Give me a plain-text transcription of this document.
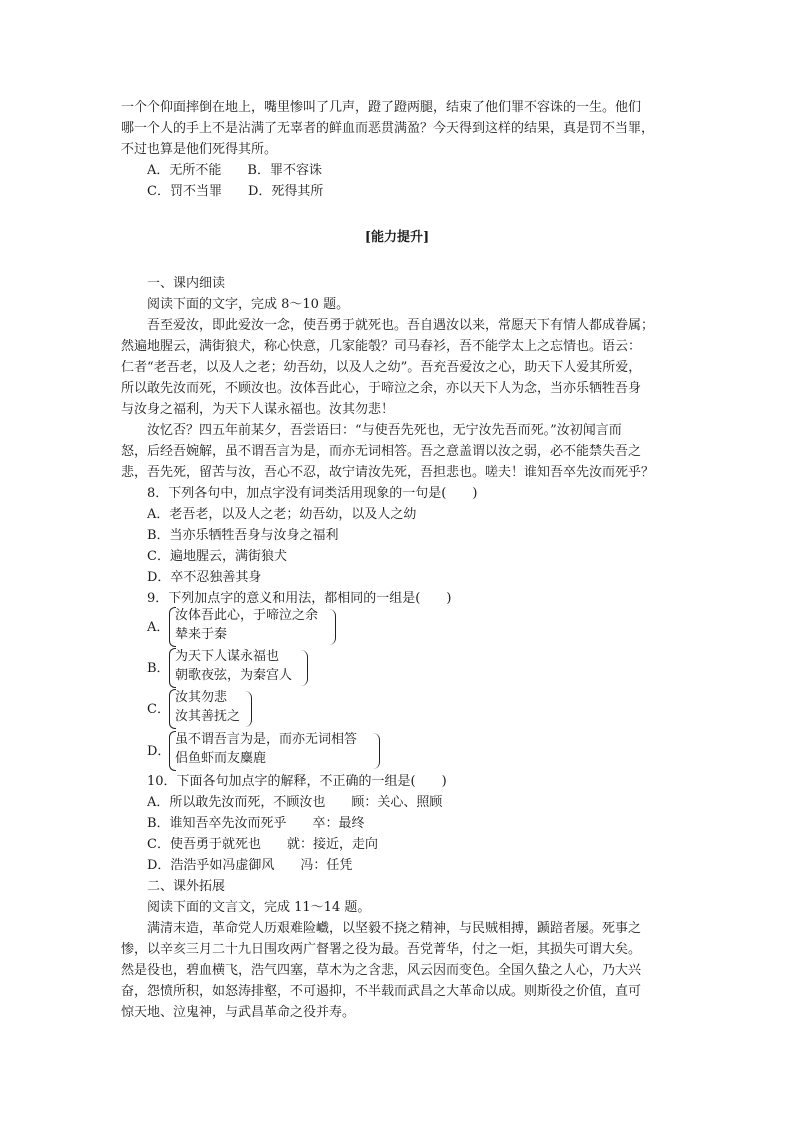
一个个仰面摔倒在地上，嘴里惨叫了几声，蹬了蹬两腿，结束了他们罪不容诛的一生。他们
哪一个人的手上不是沾满了无辜者的鲜血而恶贯满盈？今天得到这样的结果，真是罚不当罪，
不过也算是他们死得其所。
A．无所不能　　B．罪不容诛
C．罚不当罪　　D．死得其所
[能力提升]
一、课内细读
阅读下面的文字，完成 8～10 题。
吾至爱汝，即此爱汝一念，使吾勇于就死也。吾自遇汝以来，常愿天下有情人都成眷属；
然遍地腥云，满街狼犬，称心快意，几家能彀？司马春衫，吾不能学太上之忘情也。语云：
仁者“老吾老，以及人之老；幼吾幼，以及人之幼”。吾充吾爱汝之心，助天下人爱其所爱，
所以敢先汝而死，不顾汝也。汝体吾此心，于啼泣之余，亦以天下人为念，当亦乐牺牲吾身
与汝身之福利，为天下人谋永福也。汝其勿悲！
汝忆否？四五年前某夕，吾尝语曰：“与使吾先死也，无宁汝先吾而死。”汝初闻言而
怒，后经吾婉解，虽不谓吾言为是，而亦无词相答。吾之意盖谓以汝之弱，必不能禁失吾之
悲，吾先死，留苦与汝，吾心不忍，故宁请汝先死，吾担悲也。嗟夫！谁知吾卒先汝而死乎？
8．下列各句中，加点字没有词类活用现象的一句是(　　)
A．老吾老，以及人之老；幼吾幼，以及人之幼
B．当亦乐牺牲吾身与汝身之福利
C．遍地腥云，满街狼犬
D．卒不忍独善其身
9．下列加点字的意义和用法，都相同的一组是(　　)
A．
汝体吾此心，于啼泣之余
辇来于秦
B．
为天下人谋永福也
朝歌夜弦，为秦宫人
C．
汝其勿悲
汝其善抚之
D．
虽不谓吾言为是，而亦无词相答
侣鱼虾而友麋鹿
10．下面各句加点字的解释，不正确的一组是(　　)
A．所以敢先汝而死，不顾汝也　　顾：关心、照顾
B．谁知吾卒先汝而死乎　　卒：最终
C．使吾勇于就死也　　就：接近，走向
D．浩浩乎如冯虚御风　　冯：任凭
二、课外拓展
阅读下面的文言文，完成 11～14 题。
满清末造，革命党人历艰难险巇，以坚毅不挠之精神，与民贼相搏，踬踣者屡。死事之
惨，以辛亥三月二十九日围攻两广督署之役为最。吾党菁华，付之一炬，其损失可谓大矣。
然是役也，碧血横飞，浩气四塞，草木为之含悲，风云因而变色。全国久蛰之人心，乃大兴
奋，怨愤所积，如怒涛排壑，不可遏抑，不半载而武昌之大革命以成。则斯役之价值，直可
惊天地、泣鬼神，与武昌革命之役并寿。
